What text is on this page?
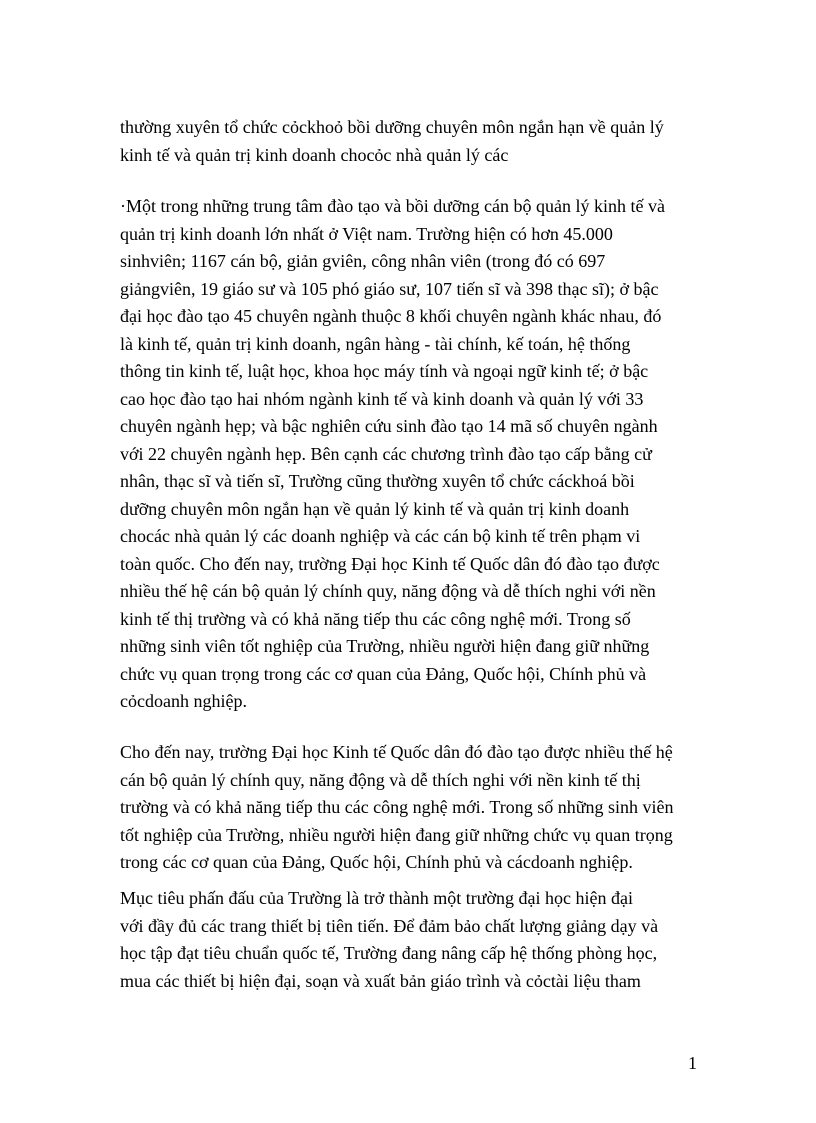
thường xuyên tổ chức cỏckhoỏ bồi dưỡng chuyên môn ngắn hạn về quản lý
kinh tế và quản trị kinh doanh chocỏc nhà quản lý các

·Một trong những trung tâm đào tạo và bồi dưỡng cán bộ quản lý kinh tế và
quản trị kinh doanh lớn nhất ở Việt nam. Trường hiện có hơn 45.000
sinhviên; 1167 cán bộ, giản gviên, công nhân viên (trong đó có 697
giảngviên, 19 giáo sư và 105 phó giáo sư, 107 tiến sĩ và 398 thạc sĩ); ở bậc
đại học đào tạo 45 chuyên ngành thuộc 8 khối chuyên ngành khác nhau, đó
là kinh tế, quản trị kinh doanh, ngân hàng - tài chính, kế toán, hệ thống
thông tin kinh tế, luật học, khoa học máy tính và ngoại ngữ kinh tế; ở bậc
cao học đào tạo hai nhóm ngành kinh tế và kinh doanh và quản lý với 33
chuyên ngành hẹp; và bậc nghiên cứu sinh đào tạo 14 mã số chuyên ngành
với 22 chuyên ngành hẹp. Bên cạnh các chương trình đào tạo cấp bằng cử
nhân, thạc sĩ và tiến sĩ, Trường cũng thường xuyên tổ chức cáckhoá bồi
dưỡng chuyên môn ngắn hạn về quản lý kinh tế và quản trị kinh doanh
chocác nhà quản lý các doanh nghiệp và các cán bộ kinh tế trên phạm vi
toàn quốc. Cho đến nay, trường Đại học Kinh tế Quốc dân đó đào tạo được
nhiều thế hệ cán bộ quản lý chính quy, năng động và dễ thích nghi với nền
kinh tế thị trường và có khả năng tiếp thu các công nghệ mới. Trong số
những sinh viên tốt nghiệp của Trường, nhiều người hiện đang giữ những
chức vụ quan trọng trong các cơ quan của Đảng, Quốc hội, Chính phủ và
cỏcdoanh nghiệp.

Cho đến nay, trường Đại học Kinh tế Quốc dân đó đào tạo được nhiều thế hệ
cán bộ quản lý chính quy, năng động và dễ thích nghi với nền kinh tế thị
trường và có khả năng tiếp thu các công nghệ mới. Trong số những sinh viên
tốt nghiệp của Trường, nhiều người hiện đang giữ những chức vụ quan trọng
trong các cơ quan của Đảng, Quốc hội, Chính phủ và cácdoanh nghiệp.

Mục tiêu phấn đấu của Trường là trở thành một trường đại học hiện đại
với đầy đủ các trang thiết bị tiên tiến. Để đảm bảo chất lượng giảng dạy và
học tập đạt tiêu chuẩn quốc tế, Trường đang nâng cấp hệ thống phòng học,
mua các thiết bị hiện đại, soạn và xuất bản giáo trình và cỏctài liệu tham

1
